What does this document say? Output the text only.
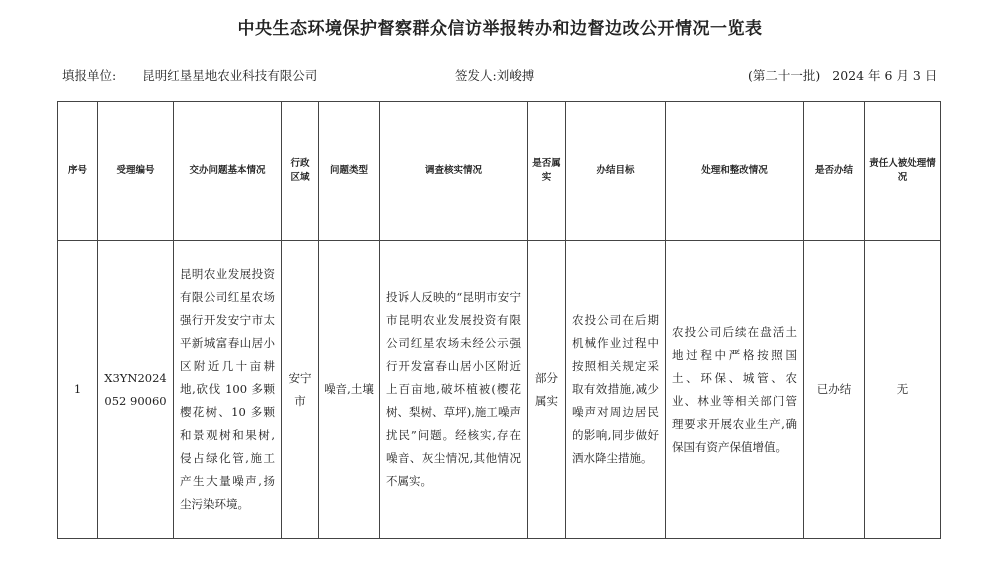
中央生态环境保护督察群众信访举报转办和边督边改公开情况一览表
填报单位: 昆明红垦星地农业科技有限公司	签发人:刘峻搏	(第二十一批) 2024 年 6 月 3 日
序号	受理编号	交办问题基本情况	行政区域	问题类型	调查核实情况	是否属实	办结目标	处理和整改情况	是否办结	责任人被处理情况
1	X3YN2024052 90060	昆明农业发展投资有限公司红星农场强行开发安宁市太平新城富春山居小区附近几十亩耕地,砍伐 100 多颗樱花树、10 多颗和景观树和果树,侵占绿化管,施工产生大量噪声,扬尘污染环境。	安宁市	噪音,土壤	投诉人反映的“昆明市安宁市昆明农业发展投资有限公司红星农场未经公示强行开发富春山居小区附近上百亩地,破坏植被(樱花树、梨树、草坪),施工噪声扰民”问题。经核实,存在噪音、灰尘情况,其他情况不属实。	部分属实	农投公司在后期机械作业过程中按照相关规定采取有效措施,减少噪声对周边居民的影响,同步做好洒水降尘措施。	农投公司后续在盘活土地过程中严格按照国土、环保、城管、农业、林业等相关部门管理要求开展农业生产,确保国有资产保值增值。	已办结	无
